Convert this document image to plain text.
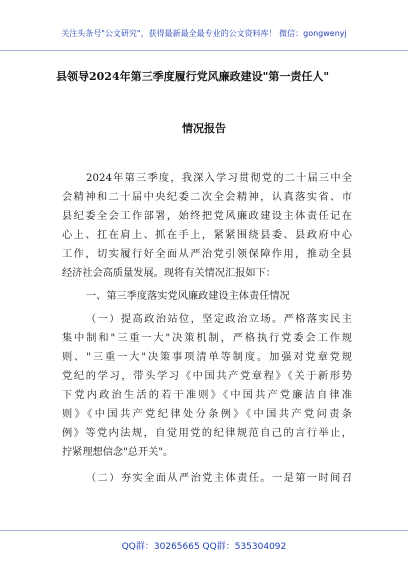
关注头条号"公文研究"，获得最新最全最专业的公文资料库！ 微信：gongwenyj
县领导2024年第三季度履行党风廉政建设"第一责任人"
情况报告
2024年第三季度，我深入学习贯彻党的二十届三中全
会精神和二十届中央纪委二次全会精神，认真落实省、市
县纪委全会工作部署，始终把党风廉政建设主体责任记在
心上、扛在肩上、抓在手上，紧紧围绕县委、县政府中心
工作，切实履行好全面从严治党引领保障作用，推动全县
经济社会高质量发展。现将有关情况汇报如下：
一、第三季度落实党风廉政建设主体责任情况
（一）提高政治站位，坚定政治立场。严格落实民主
集中制和"三重一大"决策机制，严格执行党委会工作规
则、"三重一大"决策事项清单等制度。加强对党章党规
党纪的学习，带头学习《中国共产党章程》《关于新形势
下党内政治生活的若干准则》《中国共产党廉洁自律准
则》《中国共产党纪律处分条例》《中国共产党问责条
例》等党内法规，自觉用党的纪律规范自己的言行举止，
拧紧理想信念"总开关"。
（二）夯实全面从严治党主体责任。一是第一时间召
QQ群：30265665 QQ群：535304092
